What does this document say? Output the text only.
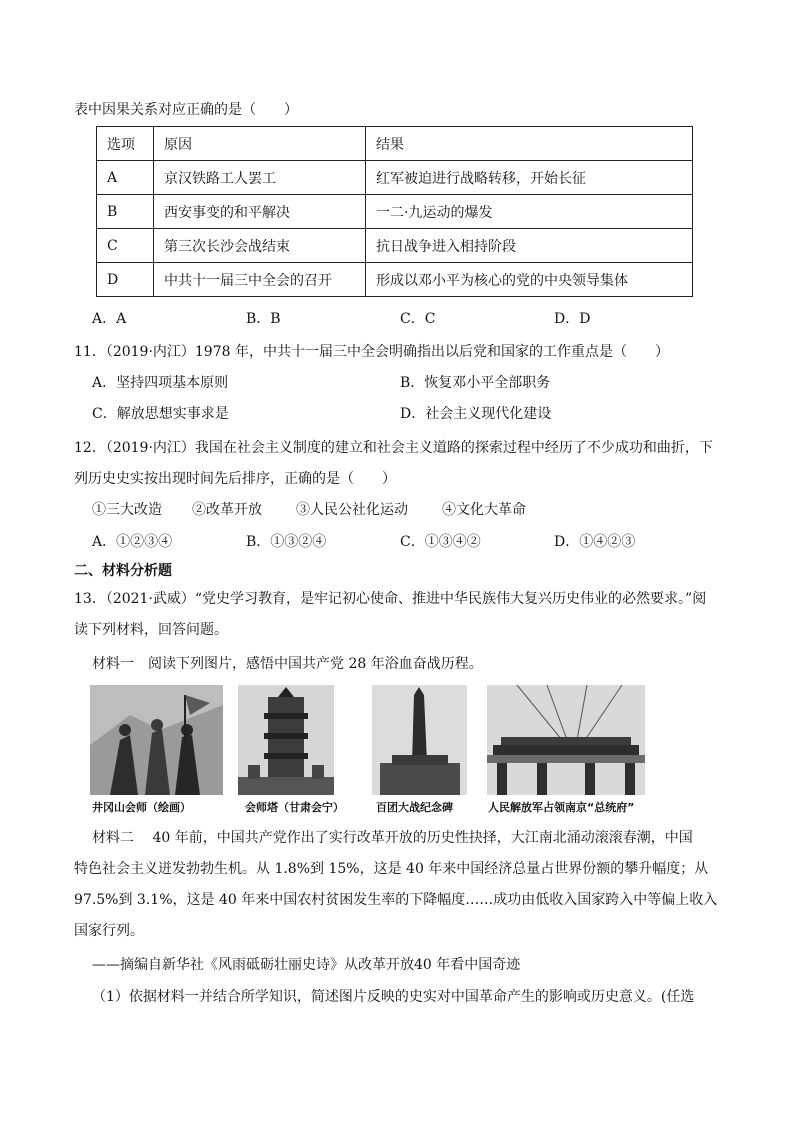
表中因果关系对应正确的是（　　）
选项	原因	结果
A	京汉铁路工人罢工	红军被迫进行战略转移，开始长征
B	西安事变的和平解决	一二·九运动的爆发
C	第三次长沙会战结束	抗日战争进入相持阶段
D	中共十一届三中全会的召开	形成以邓小平为核心的党的中央领导集体
A．A	B．B	C．C	D．D
11．（2019·内江）1978 年，中共十一届三中全会明确指出以后党和国家的工作重点是（　　）
A．坚持四项基本原则	B．恢复邓小平全部职务
C．解放思想实事求是	D．社会主义现代化建设
12．（2019·内江）我国在社会主义制度的建立和社会主义道路的探索过程中经历了不少成功和曲折，下
列历史史实按出现时间先后排序，正确的是（　　）
①三大改造 ②改革开放 ③人民公社化运动 ④文化大革命
A．①②③④	B．①③②④	C．①③④②	D．①④②③
二、材料分析题
13．（2021·武威）“党史学习教育，是牢记初心使命、推进中华民族伟大复兴历史伟业的必然要求。”阅
读下列材料，回答问题。
材料一　阅读下列图片，感悟中国共产党 28 年浴血奋战历程。
井冈山会师（绘画）	会师塔（甘肃会宁）	百团大战纪念碑	人民解放军占领南京“总统府”
材料二　 40 年前，中国共产党作出了实行改革开放的历史性抉择，大江南北涌动滚滚春潮，中国
特色社会主义迸发勃勃生机。从 1.8%到 15%，这是 40 年来中国经济总量占世界份额的攀升幅度；从
97.5%到 3.1%，这是 40 年来中国农村贫困发生率的下降幅度……成功由低收入国家跨入中等偏上收入
国家行列。
——摘编自新华社《风雨砥砺壮丽史诗》从改革开放40 年看中国奇迹
（1）依据材料一并结合所学知识，简述图片反映的史实对中国革命产生的影响或历史意义。(任选
